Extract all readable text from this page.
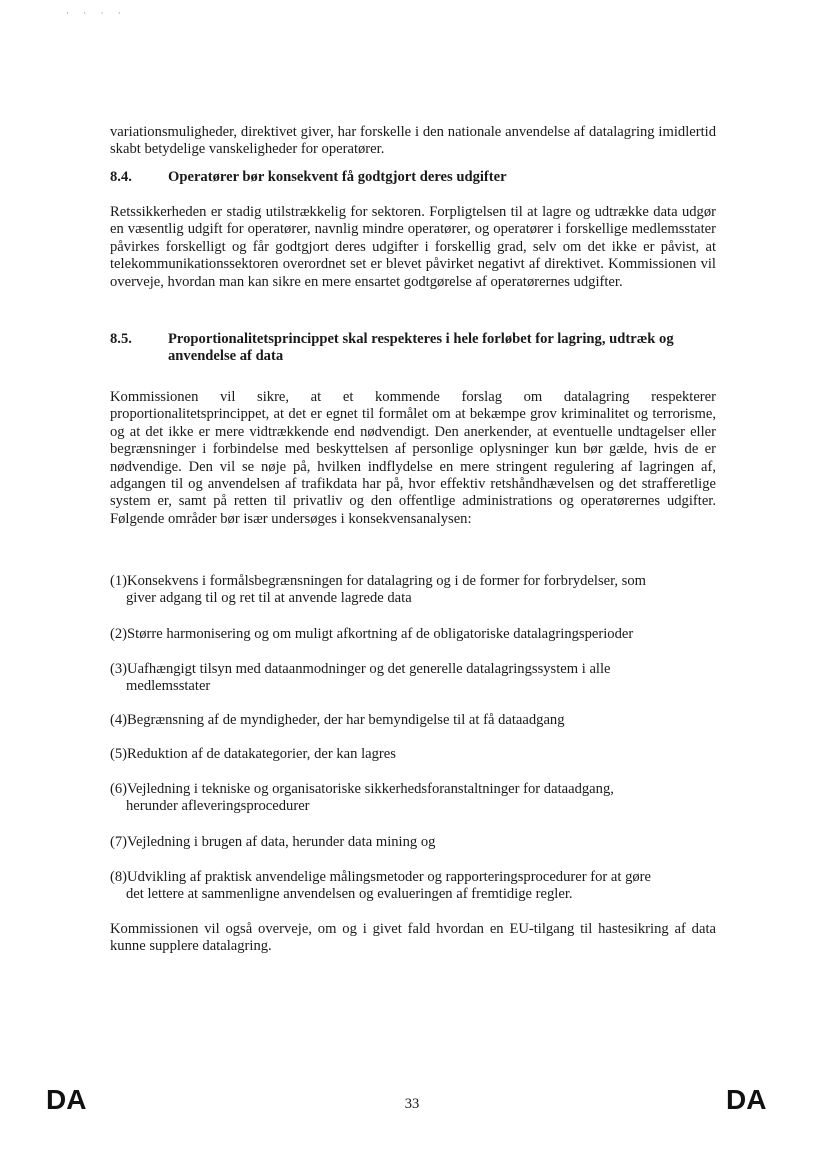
· · · ·
variationsmuligheder, direktivet giver, har forskelle i den nationale anvendelse af datalagring imidlertid skabt betydelige vanskeligheder for operatører.
8.4. Operatører bør konsekvent få godtgjort deres udgifter
Retssikkerheden er stadig utilstrækkelig for sektoren. Forpligtelsen til at lagre og udtrække data udgør en væsentlig udgift for operatører, navnlig mindre operatører, og operatører i forskellige medlemsstater påvirkes forskelligt og får godtgjort deres udgifter i forskellig grad, selv om det ikke er påvist, at telekommunikationssektoren overordnet set er blevet påvirket negativt af direktivet. Kommissionen vil overveje, hvordan man kan sikre en mere ensartet godtgørelse af operatørernes udgifter.
8.5. Proportionalitetsprincippet skal respekteres i hele forløbet for lagring, udtræk og anvendelse af data
Kommissionen vil sikre, at et kommende forslag om datalagring respekterer proportionalitetsprincippet, at det er egnet til formålet om at bekæmpe grov kriminalitet og terrorisme, og at det ikke er mere vidtrækkende end nødvendigt. Den anerkender, at eventuelle undtagelser eller begrænsninger i forbindelse med beskyttelsen af personlige oplysninger kun bør gælde, hvis de er nødvendige. Den vil se nøje på, hvilken indflydelse en mere stringent regulering af lagringen af, adgangen til og anvendelsen af trafikdata har på, hvor effektiv retshåndhævelsen og det strafferetlige system er, samt på retten til privatliv og den offentlige administrations og operatørernes udgifter. Følgende områder bør især undersøges i konsekvensanalysen:
(1)Konsekvens i formålsbegrænsningen for datalagring og i de former for forbrydelser, som
giver adgang til og ret til at anvende lagrede data
(2)Større harmonisering og om muligt afkortning af de obligatoriske datalagringsperioder
(3)Uafhængigt tilsyn med dataanmodninger og det generelle datalagringssystem i alle
medlemsstater
(4)Begrænsning af de myndigheder, der har bemyndigelse til at få dataadgang
(5)Reduktion af de datakategorier, der kan lagres
(6)Vejledning i tekniske og organisatoriske sikkerhedsforanstaltninger for dataadgang,
herunder afleveringsprocedurer
(7)Vejledning i brugen af data, herunder data mining og
(8)Udvikling af praktisk anvendelige målingsmetoder og rapporteringsprocedurer for at gøre
det lettere at sammenligne anvendelsen og evalueringen af fremtidige regler.
Kommissionen vil også overveje, om og i givet fald hvordan en EU-tilgang til hastesikring af data kunne supplere datalagring.
DA	33	DA
